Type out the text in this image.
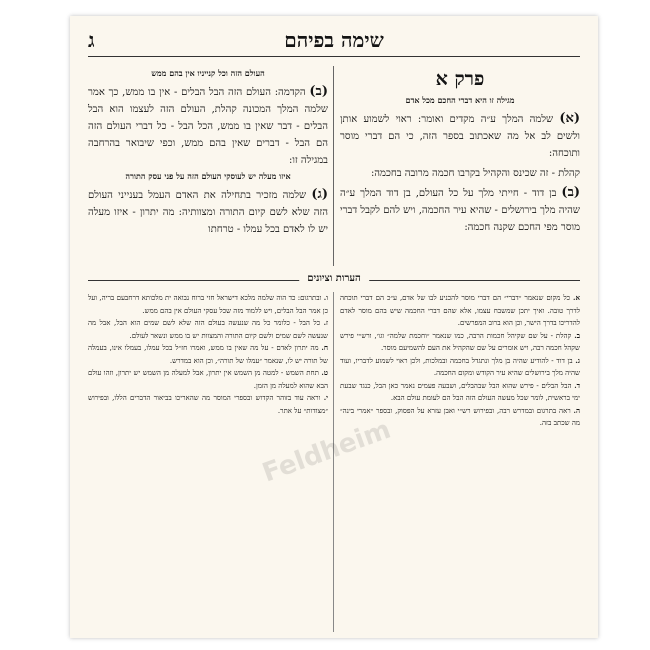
שימה בפיהם
ג
פרק א
מגילה זו היא דברי החכם מכל אדם

(א) שלמה המלך ע״ה מקדים ואומר: ראוי לשמוע אותן ולשים לב אל מה שאכתוב בספר הזה, כי הם דברי מוסר ותוכחה:

קהלת - זה שכינס והקהיל בקרבו חכמה מרובה בחכמה:

(ב) בן דוד - חייתי מלך על כל העולם, בן דוד המלך ע״ה שהיה מלך בירושלים - שהיא עיר החכמה, ויש להם לקבל דברי מוסר מפי החכם שקנה חכמה:

העולם הזה וכל קנייניו אין בהם ממש

(ב) הקדמה: העולם הזה הבל הבלים - אין בו ממש, כך אמר שלמה המלך המכונה קהלת, העולם הזה לעצמו הוא הבל הבלים - דבר שאין בו ממש, הכל הבל - כל דברי העולם הזה הם הבל - דברים שאין בהם ממש, וכפי שיבואר בהרחבה במגילה זו:

איזו מעלה יש לעוסקי העולם הזה על פני עסק התורה

(ג) שלמה מזכיר בתחילה את האדם העמל בענייני העולם הזה שלא לשם קיום התורה ומצוותיה: מה יתרון - איזו מעלה יש לו לאדם בכל עמלו - טרחתו

הערות וציונים

א. כל מקום שנאמר ״דברי״ הם דברי מוסר להכניע לבו של אדם, ע״כ הם דברי תוכחה לדרך טובה. ואיך יתכן שמשבח עצמו, אלא שהם דברי החכמה שיש בהם מוסר לאדם להדריכו בדרך הישר, וכן הוא ברוב המפרשים.

ב. קהלת - על שם שקיהל חכמות הרבה, כמו שנאמר ״וחכמת שלמה״ וגו׳, ורש״י פירש שקהל חכמה רבה, ויש אומרים על שם שהקהיל את העם להשמיעם מוסר.

ג. בן דוד - להודיע שהיה בן מלך ונתגדל בחכמה ובמלכות, ולכן ראוי לשמוע לדבריו, ועוד שהיה מלך בירושלים שהיא עיר הקודש ומקום החכמה.

ד. הבל הבלים - פירש שהוא הבל שבהבלים, ושבעה פעמים נאמר כאן הבל, כנגד שבעת ימי בראשית, לומר שכל מעשה העולם הזה הבל הם לעומת עולם הבא.

ה. ראה בתרגום ובמדרש רבה, ובפירוש רש״י ואבן עזרא על הפסוק, ובספר ״אמרי בינה״ מה שכתב בזה.

ו. ובתרגום: כד הוה שלמה מלכא דישראל חזי ברוח נבואה ית מלכותא דרחבעם בריה, ועל כן אמר הבל הבלים, ויש ללמוד מזה שכל עסקי העולם אין בהם ממש.

ז. כל הבל - כלומר כל מה שנעשה בעולם הזה שלא לשם שמים הוא הבל, אבל מה שנעשה לשם שמים ולשם קיום התורה והמצוות יש בו ממש ונשאר לעולם.

ח. מה יתרון לאדם - על מה שאין בו ממש, ואמרו חז״ל בכל עמלו, בעמלו אינו, בעמלה של תורה יש לו, שנאמר ״עמלו של תורה״, וכן הוא במדרש.

ט. תחת השמש - למטה מן השמש אין יתרון, אבל למעלה מן השמש יש יתרון, וזהו עולם הבא שהוא למעלה מן הזמן.

י. וראה עוד בזוהר הקדוש ובספרי המוסר מה שהאריכו בביאור הדברים הללו, ובפירוש ״מצודות״ על אתר.

Feldheim
